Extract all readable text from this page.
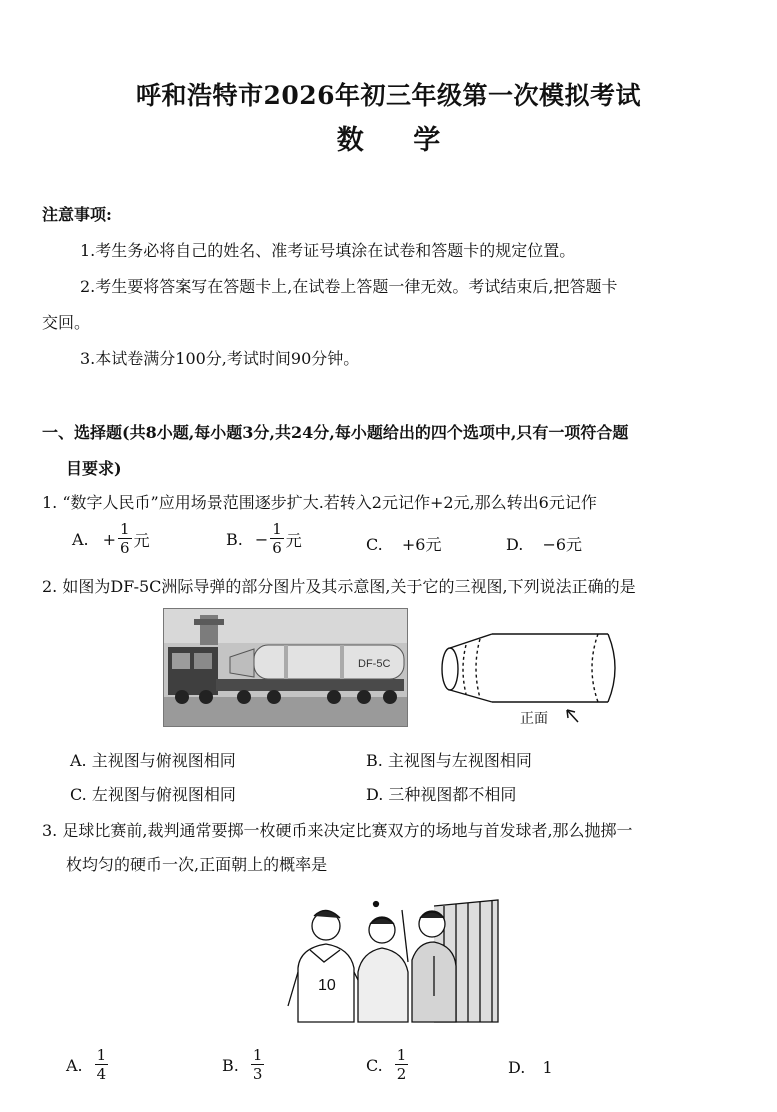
呼和浩特市2026年初三年级第一次模拟考试
数 学
注意事项:
1.考生务必将自己的姓名、准考证号填涂在试卷和答题卡的规定位置。
2.考生要将答案写在答题卡上,在试卷上答题一律无效。考试结束后,把答题卡
交回。
3.本试卷满分100分,考试时间90分钟。
一、选择题(共8小题,每小题3分,共24分,每小题给出的四个选项中,只有一项符合题
目要求)
1. “数字人民币”应用场景范围逐步扩大.若转入2元记作+2元,那么转出6元记作
A. + $\frac{1}{6}$ 元	B. − $\frac{1}{6}$ 元	C. +6元	D. −6元
2. 如图为DF-5C洲际导弹的部分图片及其示意图,关于它的三视图,下列说法正确的是
DF-5C
正面
A. 主视图与俯视图相同	B. 主视图与左视图相同
C. 左视图与俯视图相同	D. 三种视图都不相同
3. 足球比赛前,裁判通常要掷一枚硬币来决定比赛双方的场地与首发球者,那么抛掷一
枚均匀的硬币一次,正面朝上的概率是
10
A. $\frac{1}{4}$	B. $\frac{1}{3}$	C. $\frac{1}{2}$	D. 1
